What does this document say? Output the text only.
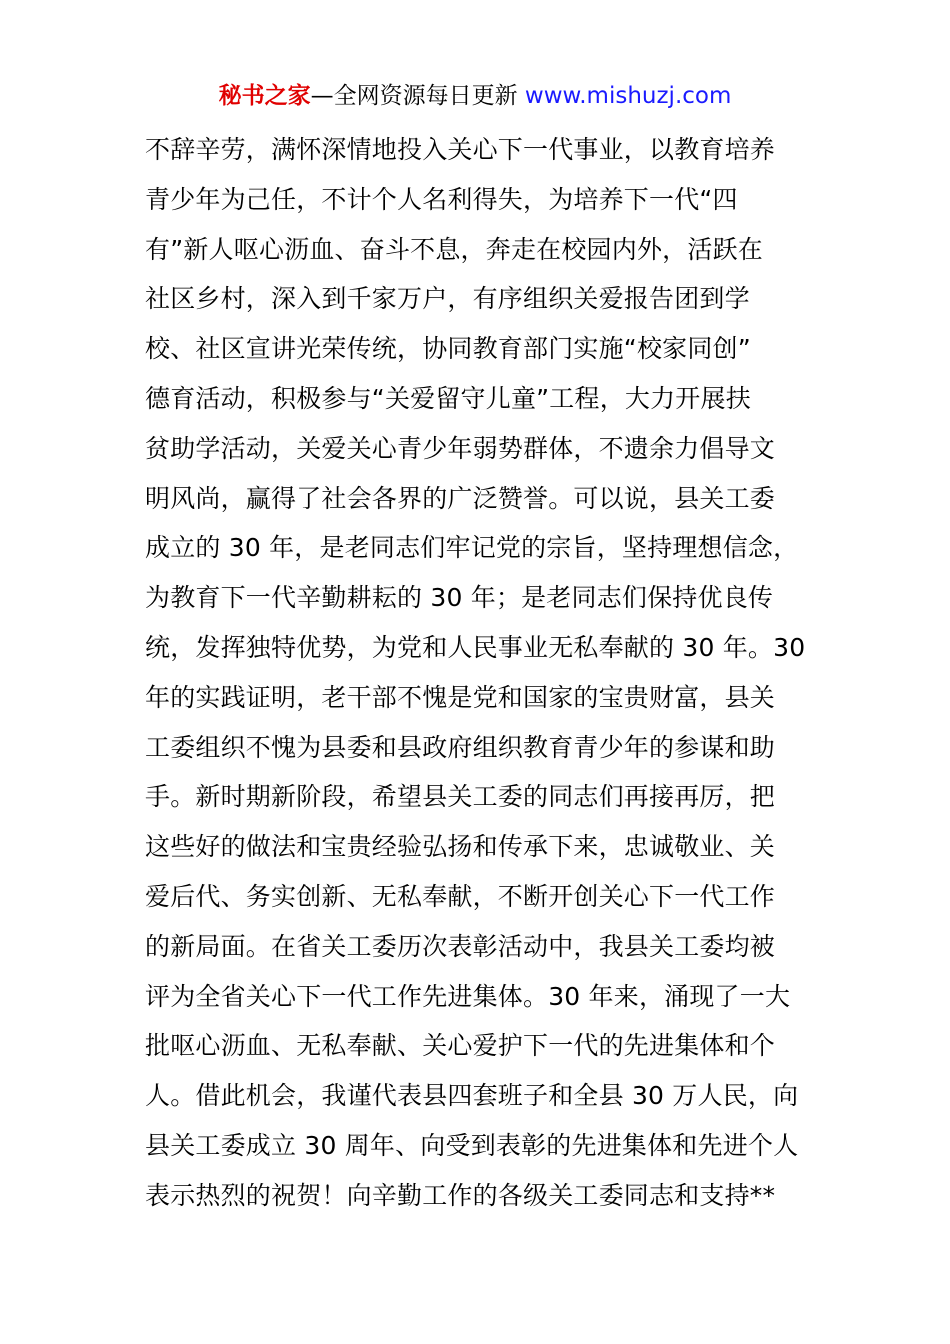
秘书之家—全网资源每日更新 www.mishuzj.com
不辞辛劳，满怀深情地投入关心下一代事业，以教育培养
青少年为己任，不计个人名利得失，为培养下一代“四
有”新人呕心沥血、奋斗不息，奔走在校园内外，活跃在
社区乡村，深入到千家万户，有序组织关爱报告团到学
校、社区宣讲光荣传统，协同教育部门实施“校家同创”
德育活动，积极参与“关爱留守儿童”工程，大力开展扶
贫助学活动，关爱关心青少年弱势群体，不遗余力倡导文
明风尚，赢得了社会各界的广泛赞誉。可以说，县关工委
成立的 30 年，是老同志们牢记党的宗旨，坚持理想信念，
为教育下一代辛勤耕耘的 30 年；是老同志们保持优良传
统，发挥独特优势，为党和人民事业无私奉献的 30 年。30
年的实践证明，老干部不愧是党和国家的宝贵财富，县关
工委组织不愧为县委和县政府组织教育青少年的参谋和助
手。新时期新阶段，希望县关工委的同志们再接再厉，把
这些好的做法和宝贵经验弘扬和传承下来，忠诚敬业、关
爱后代、务实创新、无私奉献，不断开创关心下一代工作
的新局面。在省关工委历次表彰活动中，我县关工委均被
评为全省关心下一代工作先进集体。30 年来，涌现了一大
批呕心沥血、无私奉献、关心爱护下一代的先进集体和个
人。借此机会，我谨代表县四套班子和全县 30 万人民，向
县关工委成立 30 周年、向受到表彰的先进集体和先进个人
表示热烈的祝贺！向辛勤工作的各级关工委同志和支持**
